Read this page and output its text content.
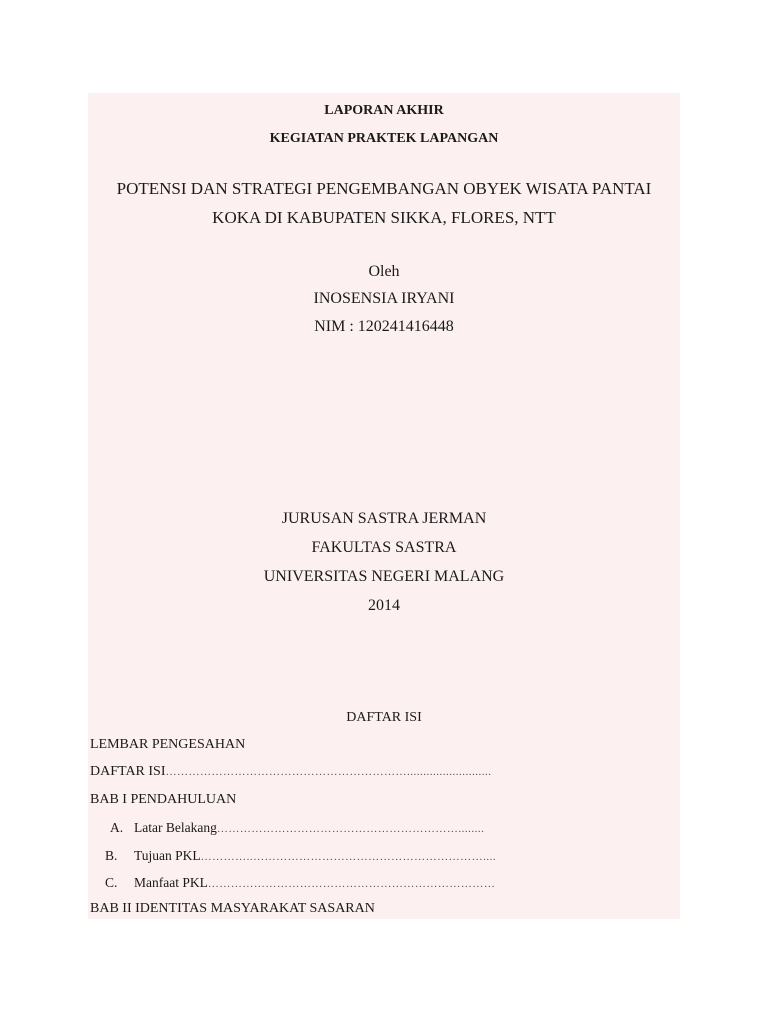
LAPORAN AKHIR
KEGIATAN PRAKTEK LAPANGAN
POTENSI DAN STRATEGI PENGEMBANGAN OBYEK WISATA PANTAI
KOKA DI KABUPATEN SIKKA, FLORES, NTT
Oleh
INOSENSIA IRYANI
NIM : 120241416448
JURUSAN SASTRA JERMAN
FAKULTAS SASTRA
UNIVERSITAS NEGERI MALANG
2014
DAFTAR ISI
LEMBAR PENGESAHAN
DAFTAR ISI………………………………………………………..........................
BAB I PENDAHULUAN
A. Latar Belakang………………………………………………………........
B. Tujuan PKL…………..……………………………………………………....
C. Manfaat PKL…………………………………………………………………
BAB II IDENTITAS MASYARAKAT SASARAN
